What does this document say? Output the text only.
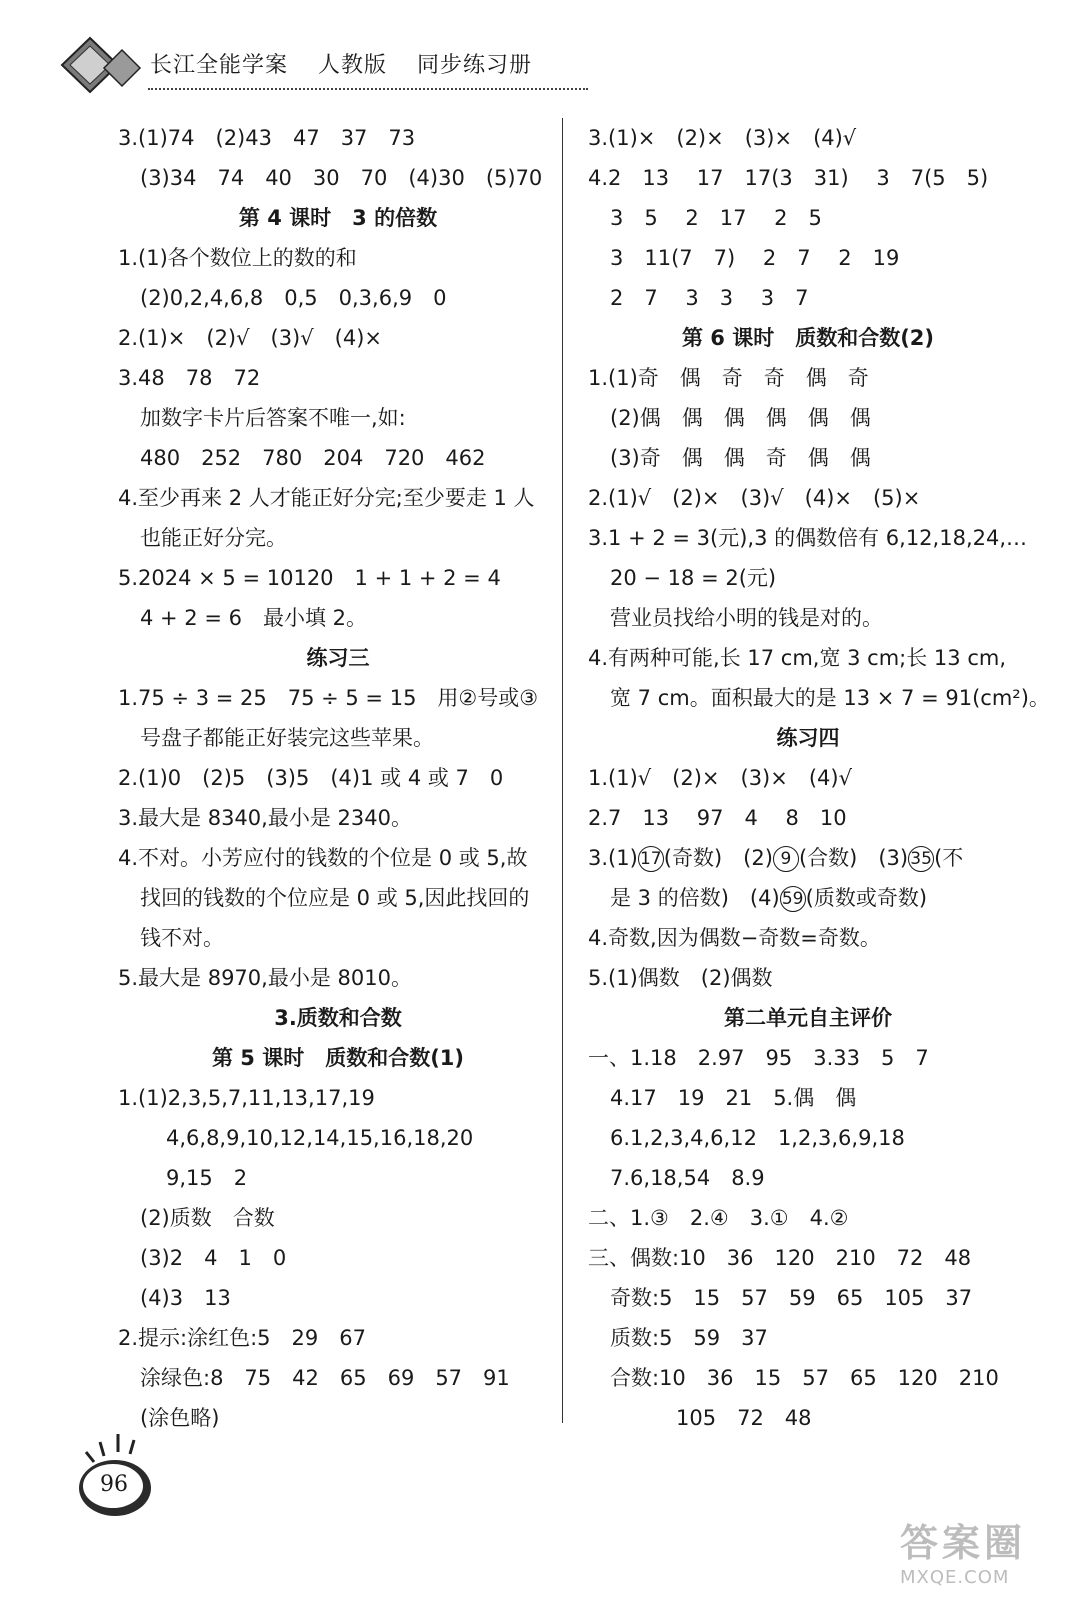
长江全能学案 人教版 同步练习册
3.(1)74　(2)43　47　37　73
(3)34　74　40　30　70　(4)30　(5)70
第 4 课时　3 的倍数
1.(1)各个数位上的数的和
(2)0,2,4,6,8　0,5　0,3,6,9　0
2.(1)×　(2)√　(3)√　(4)×
3.48　78　72
加数字卡片后答案不唯一,如:
480　252　780　204　720　462
4.至少再来 2 人才能正好分完;至少要走 1 人
也能正好分完。
5.2024 × 5 = 10120　1 + 1 + 2 = 4
4 + 2 = 6　最小填 2。
练习三
1.75 ÷ 3 = 25　75 ÷ 5 = 15　用②号或③
号盘子都能正好装完这些苹果。
2.(1)0　(2)5　(3)5　(4)1 或 4 或 7　0
3.最大是 8340,最小是 2340。
4.不对。小芳应付的钱数的个位是 0 或 5,故
找回的钱数的个位应是 0 或 5,因此找回的
钱不对。
5.最大是 8970,最小是 8010。
3.质数和合数
第 5 课时　质数和合数(1)
1.(1)2,3,5,7,11,13,17,19
4,6,8,9,10,12,14,15,16,18,20
9,15　2
(2)质数　合数
(3)2　4　1　0
(4)3　13
2.提示:涂红色:5　29　67
涂绿色:8　75　42　65　69　57　91
(涂色略)
3.(1)×　(2)×　(3)×　(4)√
4.2　13　 17　17(3　31)　 3　7(5　5)
3　5　 2　17　 2　5
3　11(7　7)　 2　7　 2　19
2　7　 3　3　 3　7
第 6 课时　质数和合数(2)
1.(1)奇　偶　奇　奇　偶　奇
(2)偶　偶　偶　偶　偶　偶
(3)奇　偶　偶　奇　偶　偶
2.(1)√　(2)×　(3)√　(4)×　(5)×
3.1 + 2 = 3(元),3 的偶数倍有 6,12,18,24,…
20 − 18 = 2(元)
营业员找给小明的钱是对的。
4.有两种可能,长 17 cm,宽 3 cm;长 13 cm,
宽 7 cm。面积最大的是 13 × 7 = 91(cm²)。
练习四
1.(1)√　(2)×　(3)×　(4)√
2.7　13　 97　4　 8　10
3.(1) 17 (奇数)　(2) 9 (合数)　(3) 35 (不
是 3 的倍数)　(4) 59 (质数或奇数)
4.奇数,因为偶数−奇数=奇数。
5.(1)偶数　(2)偶数
第二单元自主评价
一、1.18　2.97　95　3.33　5　7
4.17　19　21　5.偶　偶
6.1,2,3,4,6,12　1,2,3,6,9,18
7.6,18,54　8.9
二、1.③　2.④　3.①　4.②
三、偶数:10　36　120　210　72　48
奇数:5　15　57　59　65　105　37
质数:5　59　37
合数:10　36　15　57　65　120　210
105　72　48
96
答案圈
MXQE.COM
